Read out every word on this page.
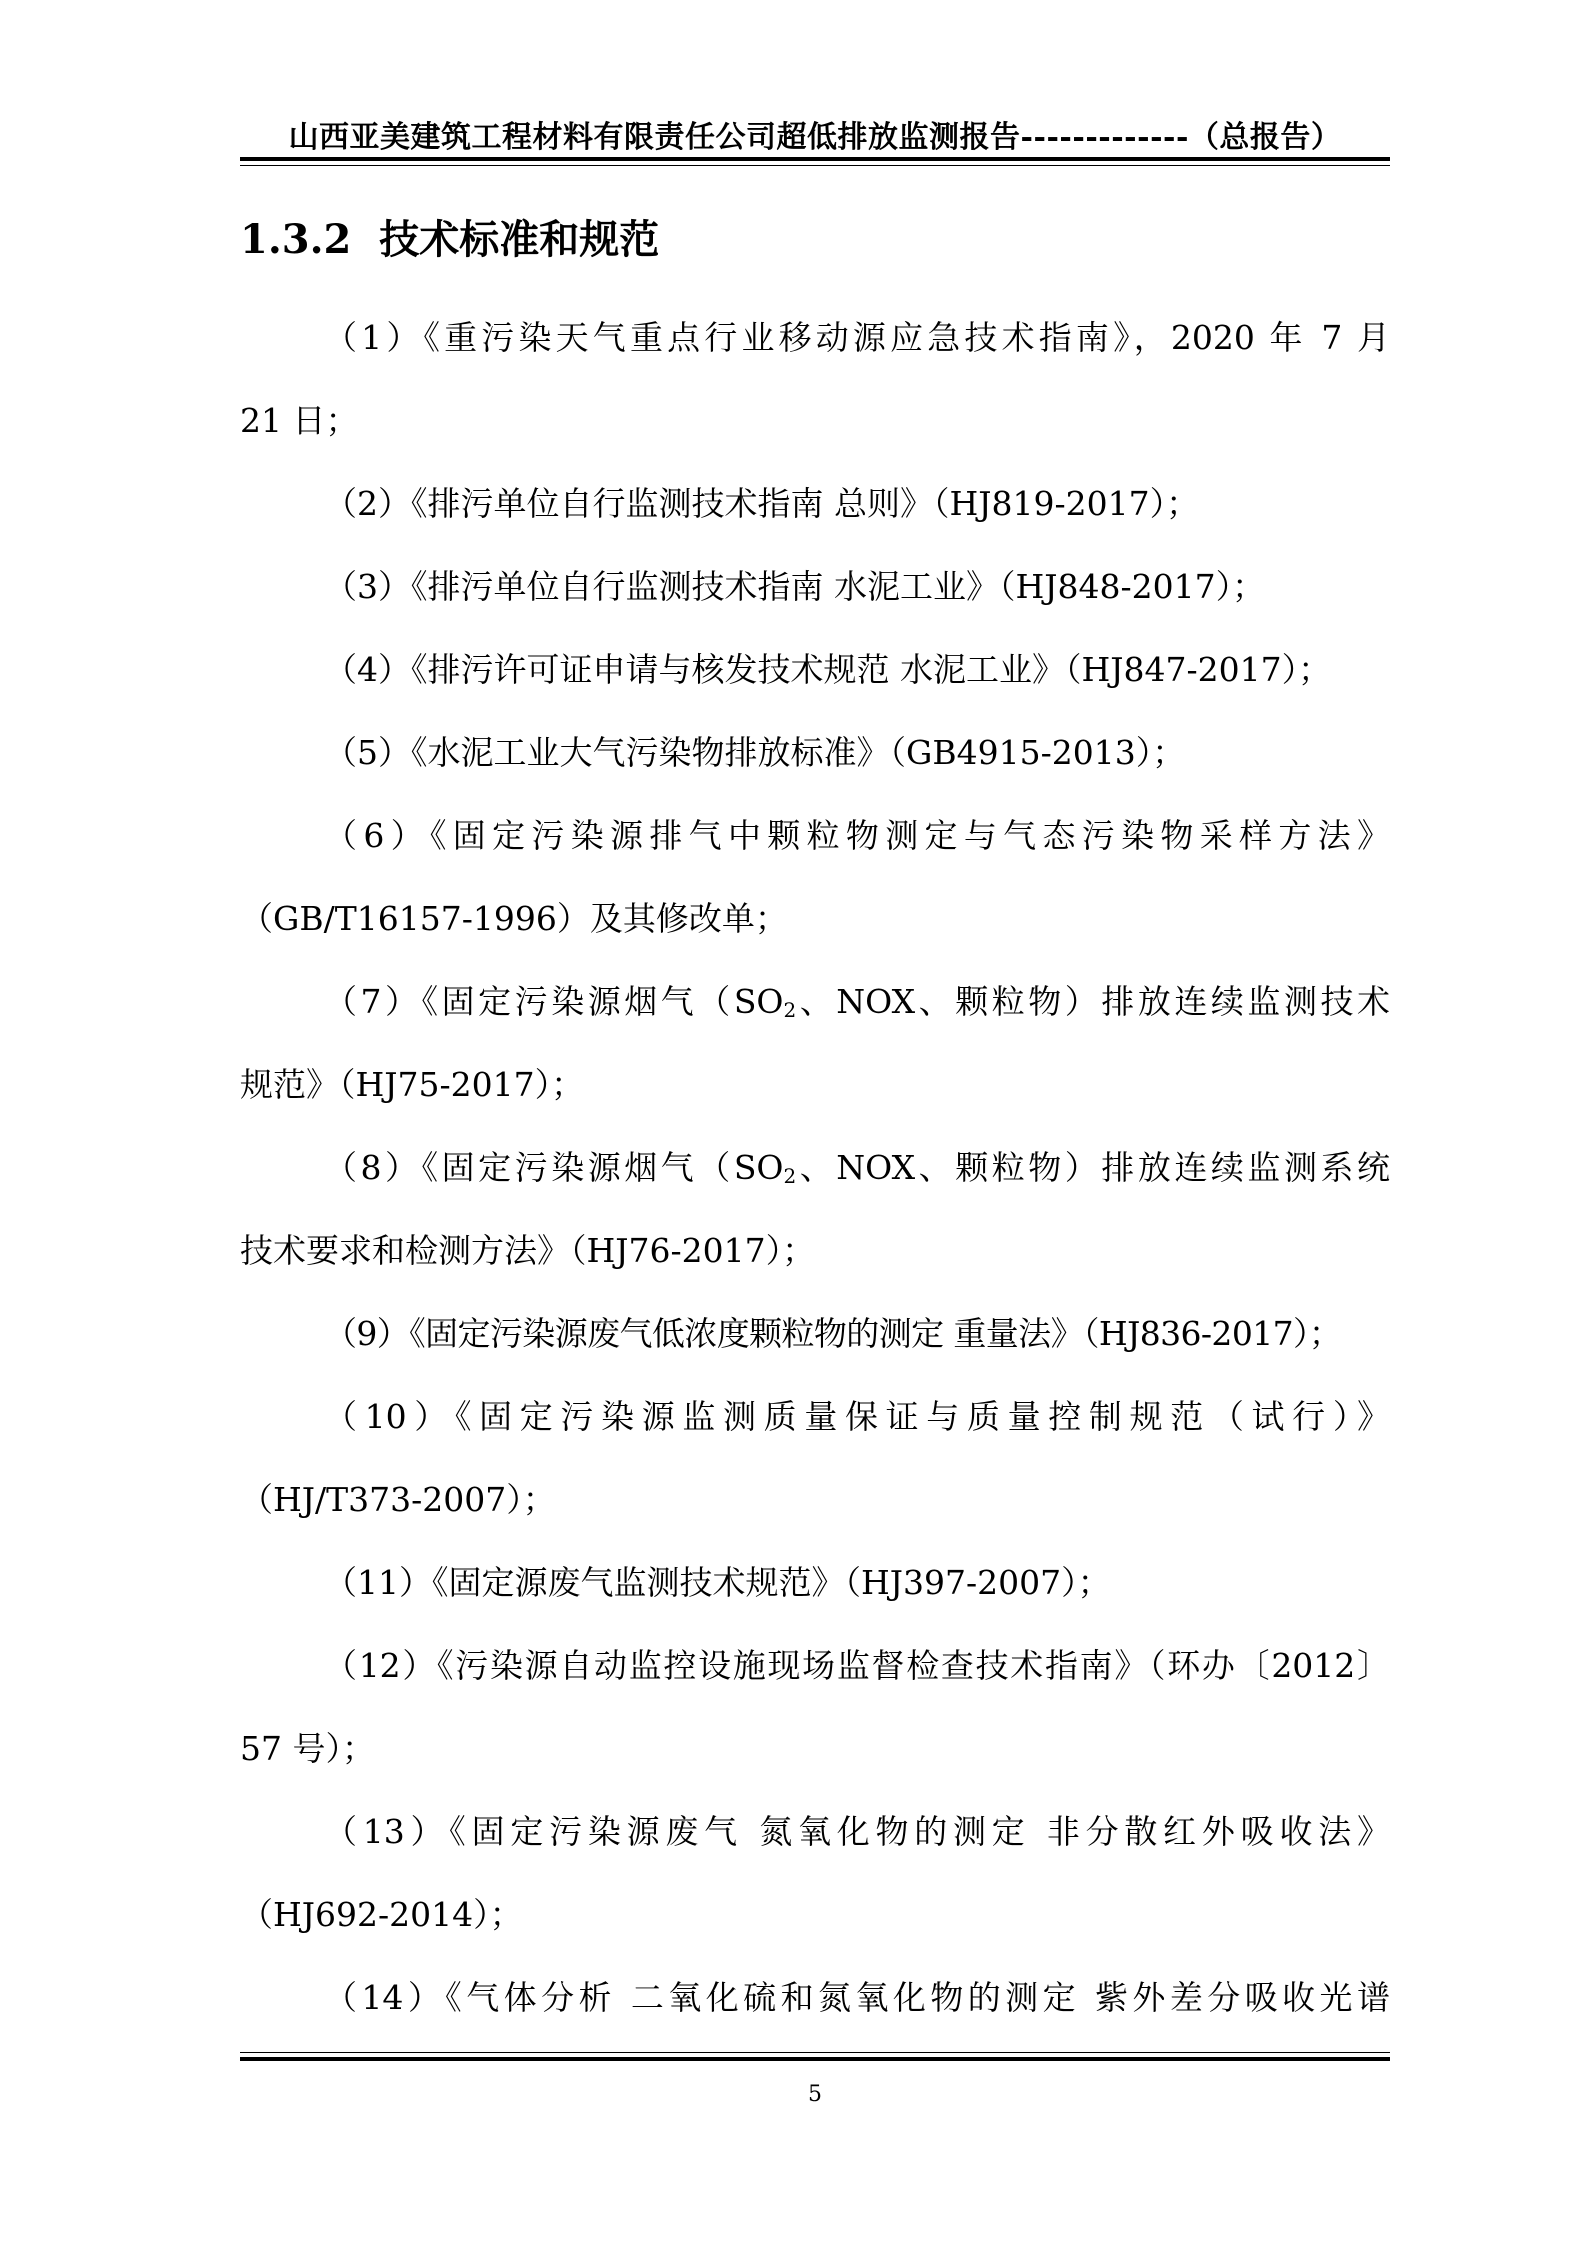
山西亚美建筑工程材料有限责任公司超低排放监测报告-------------（总报告）
1.3.2 技术标准和规范
（1）《重污染天气重点行业移动源应急技术指南》，2020 年 7 月
21 日；
（2）《排污单位自行监测技术指南 总则》（HJ819-2017）；
（3）《排污单位自行监测技术指南 水泥工业》（HJ848-2017）；
（4）《排污许可证申请与核发技术规范 水泥工业》（HJ847-2017）；
（5）《水泥工业大气污染物排放标准》（GB4915-2013）；
（6）《固定污染源排气中颗粒物测定与气态污染物采样方法》
（GB/T16157-1996）及其修改单；
（7）《固定污染源烟气（$SO_2$、NOX、颗粒物）排放连续监测技术
规范》（HJ75-2017）；
（8）《固定污染源烟气（$SO_2$、NOX、颗粒物）排放连续监测系统
技术要求和检测方法》（HJ76-2017）；
（9）《固定污染源废气低浓度颗粒物的测定 重量法》（HJ836-2017）；
（10）《固定污染源监测质量保证与质量控制规范（试行）》
（HJ/T373-2007）；
（11）《固定源废气监测技术规范》（HJ397-2007）；
（12）《污染源自动监控设施现场监督检查技术指南》（环办〔2012〕
57 号）；
（13）《固定污染源废气 氮氧化物的测定 非分散红外吸收法》
（HJ692-2014）；
（14）《气体分析 二氧化硫和氮氧化物的测定 紫外差分吸收光谱
5
